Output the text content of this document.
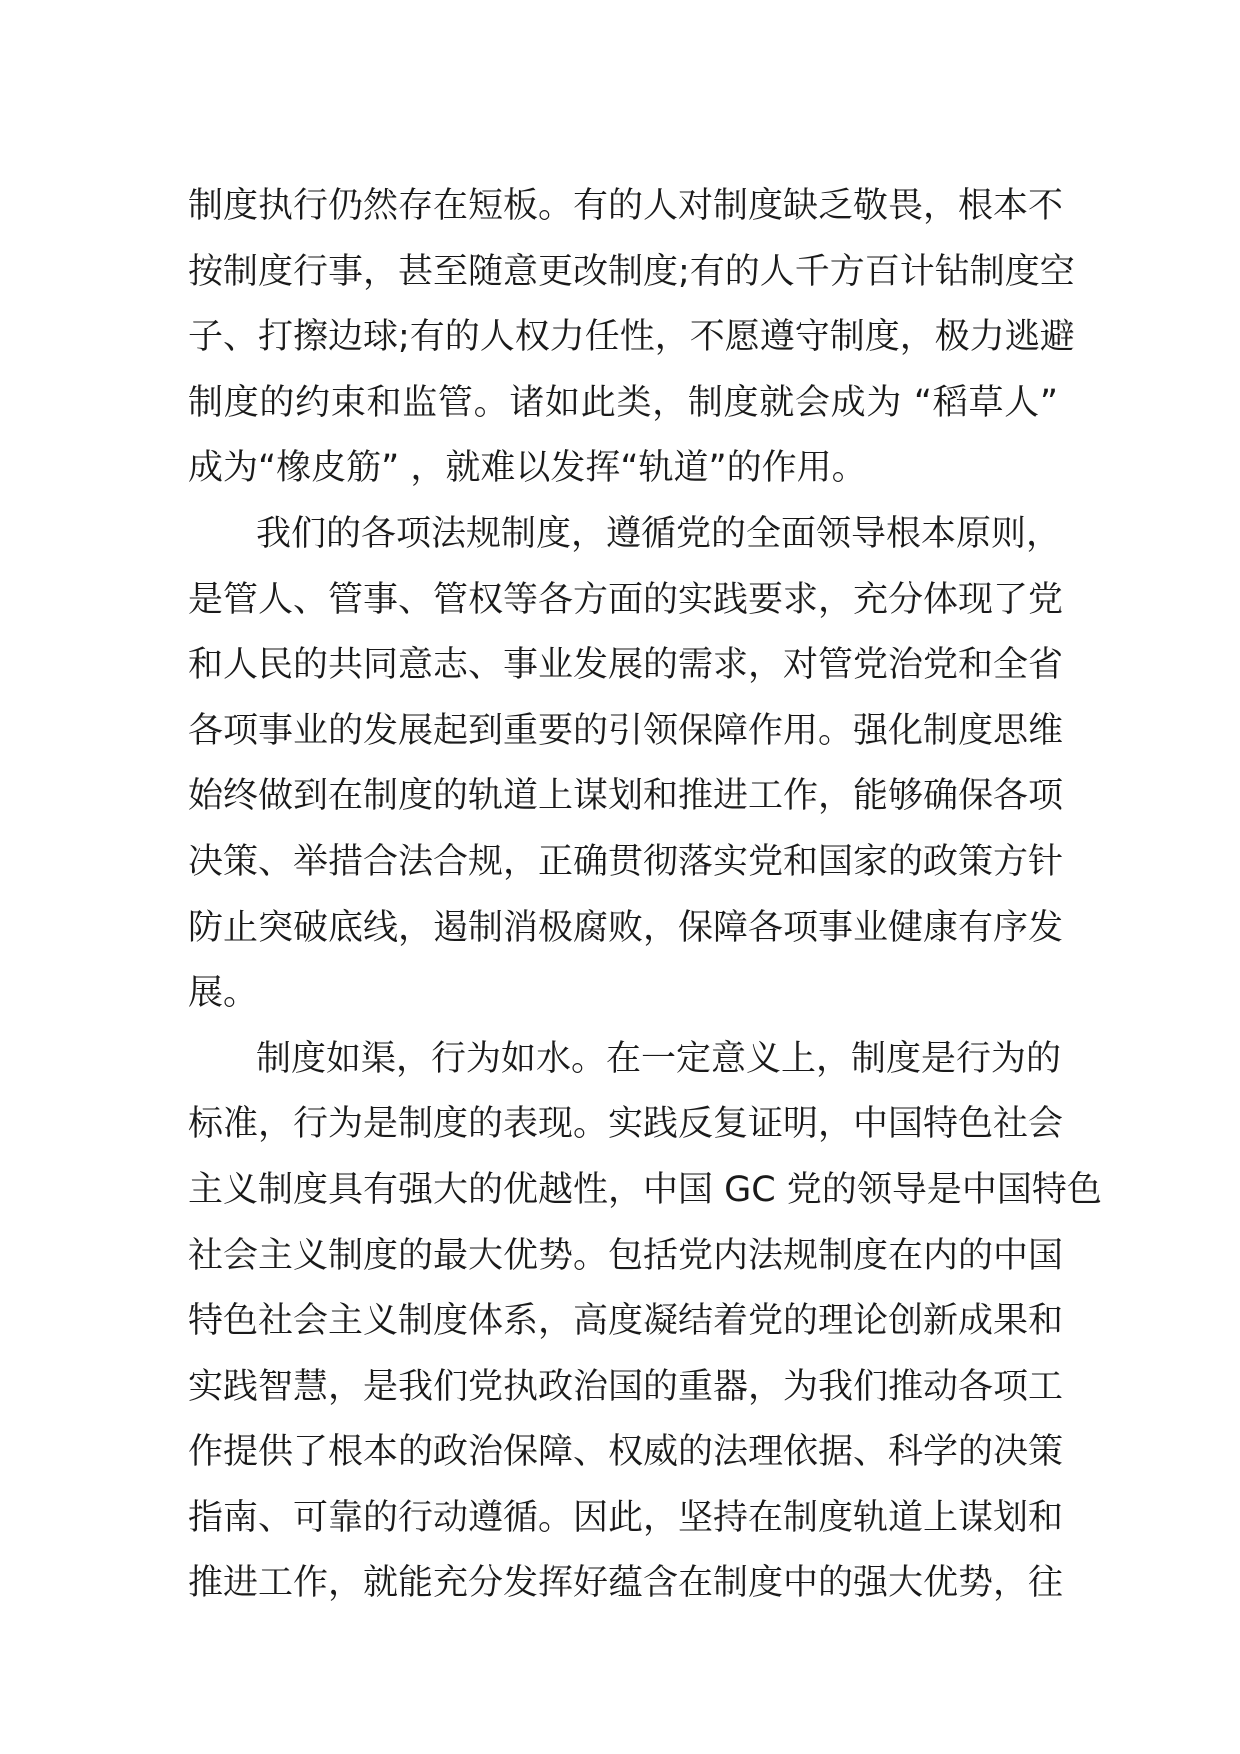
制度执行仍然存在短板。有的人对制度缺乏敬畏，根本不
按制度行事，甚至随意更改制度;有的人千方百计钻制度空
子、打擦边球;有的人权力任性，不愿遵守制度，极力逃避
制度的约束和监管。诸如此类，制度就会成为 “稻草人”
成为“橡皮筋” ，就难以发挥“轨道”的作用。
我们的各项法规制度，遵循党的全面领导根本原则，
是管人、管事、管权等各方面的实践要求，充分体现了党
和人民的共同意志、事业发展的需求，对管党治党和全省
各项事业的发展起到重要的引领保障作用。强化制度思维
始终做到在制度的轨道上谋划和推进工作，能够确保各项
决策、举措合法合规，正确贯彻落实党和国家的政策方针
防止突破底线，遏制消极腐败，保障各项事业健康有序发
展。
制度如渠，行为如水。在一定意义上，制度是行为的
标准，行为是制度的表现。实践反复证明，中国特色社会
主义制度具有强大的优越性，中国 GC 党的领导是中国特色
社会主义制度的最大优势。包括党内法规制度在内的中国
特色社会主义制度体系，高度凝结着党的理论创新成果和
实践智慧，是我们党执政治国的重器，为我们推动各项工
作提供了根本的政治保障、权威的法理依据、科学的决策
指南、可靠的行动遵循。因此，坚持在制度轨道上谋划和
推进工作，就能充分发挥好蕴含在制度中的强大优势，往
